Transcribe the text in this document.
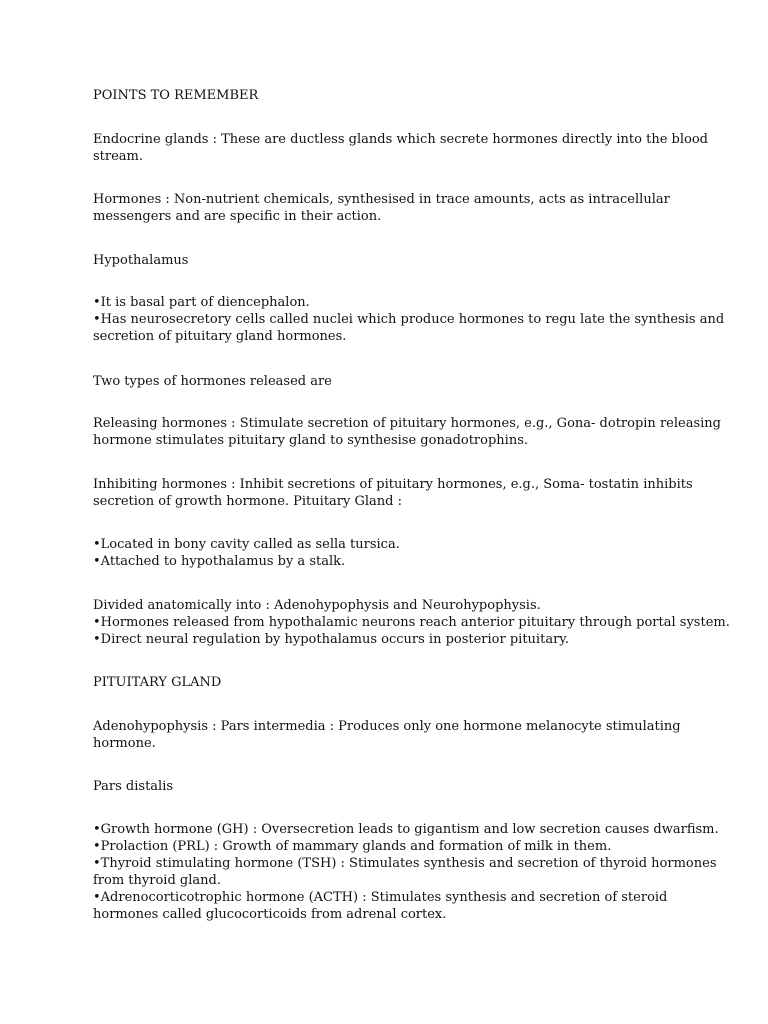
POINTS TO REMEMBER
Endocrine glands : These are ductless glands which secrete hormones directly into the blood
stream.
Hormones : Non-nutrient chemicals, synthesised in trace amounts, acts as intracellular
messengers and are specific in their action.
Hypothalamus
•It is basal part of diencephalon.
•Has neurosecretory cells called nuclei which produce hormones to regu late the synthesis and
secretion of pituitary gland hormones.
Two types of hormones released are
Releasing hormones : Stimulate secretion of pituitary hormones, e.g., Gona- dotropin releasing
hormone stimulates pituitary gland to synthesise gonadotrophins.
Inhibiting hormones : Inhibit secretions of pituitary hormones, e.g., Soma- tostatin inhibits
secretion of growth hormone. Pituitary Gland :
•Located in bony cavity called as sella tursica.
•Attached to hypothalamus by a stalk.
Divided anatomically into : Adenohypophysis and Neurohypophysis.
•Hormones released from hypothalamic neurons reach anterior pituitary through portal system.
•Direct neural regulation by hypothalamus occurs in posterior pituitary.
PITUITARY GLAND
Adenohypophysis : Pars intermedia : Produces only one hormone melanocyte stimulating
hormone.
Pars distalis
•Growth hormone (GH) : Oversecretion leads to gigantism and low secretion causes dwarfism.
•Prolaction (PRL) : Growth of mammary glands and formation of milk in them.
•Thyroid stimulating hormone (TSH) : Stimulates synthesis and secretion of thyroid hormones
from thyroid gland.
•Adrenocorticotrophic hormone (ACTH) : Stimulates synthesis and secretion of steroid
hormones called glucocorticoids from adrenal cortex.
